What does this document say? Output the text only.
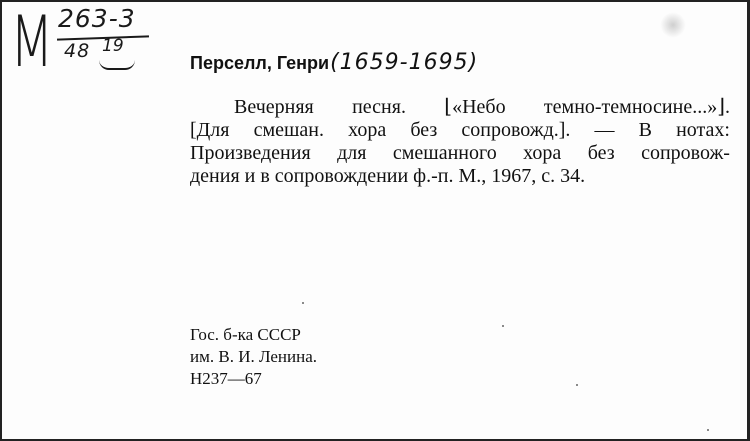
М 263-3
48 19
Перселл, Генри (1659-1695)
Вечерняя песня. ⌊«Небо темно-темносине...»⌋.
[Для смешан. хора без сопровожд.]. — В нотах:
Произведения для смешанного хора без сопровож-
дения и в сопровождении ф.-п. М., 1967, с. 34.
Гос. б-ка СССР
им. В. И. Ленина.
Н237—67
